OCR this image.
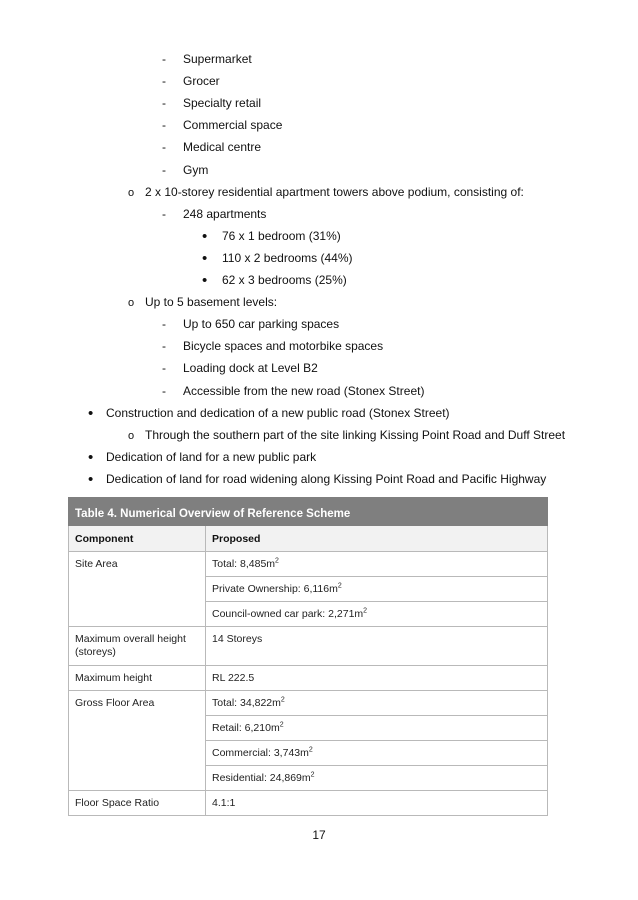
- Supermarket
- Grocer
- Specialty retail
- Commercial space
- Medical centre
- Gym
o 2 x 10-storey residential apartment towers above podium, consisting of:
- 248 apartments
• 76 x 1 bedroom (31%)
• 110 x 2 bedrooms (44%)
• 62 x 3 bedrooms (25%)
o Up to 5 basement levels:
- Up to 650 car parking spaces
- Bicycle spaces and motorbike spaces
- Loading dock at Level B2
- Accessible from the new road (Stonex Street)
• Construction and dedication of a new public road (Stonex Street)
o Through the southern part of the site linking Kissing Point Road and Duff Street
• Dedication of land for a new public park
• Dedication of land for road widening along Kissing Point Road and Pacific Highway
Table 4. Numerical Overview of Reference Scheme	
Component	Proposed
Site Area	Total: $8,485m^2$
	Private Ownership: $6,116m^2$
	Council-owned car park: $2,271m^2$
Maximum overall height (storeys)	14 Storeys
Maximum height	RL 222.5
Gross Floor Area	Total: $34,822m^2$
	Retail: $6,210m^2$
	Commercial: $3,743m^2$
	Residential: $24,869m^2$
Floor Space Ratio	4.1:1
17
